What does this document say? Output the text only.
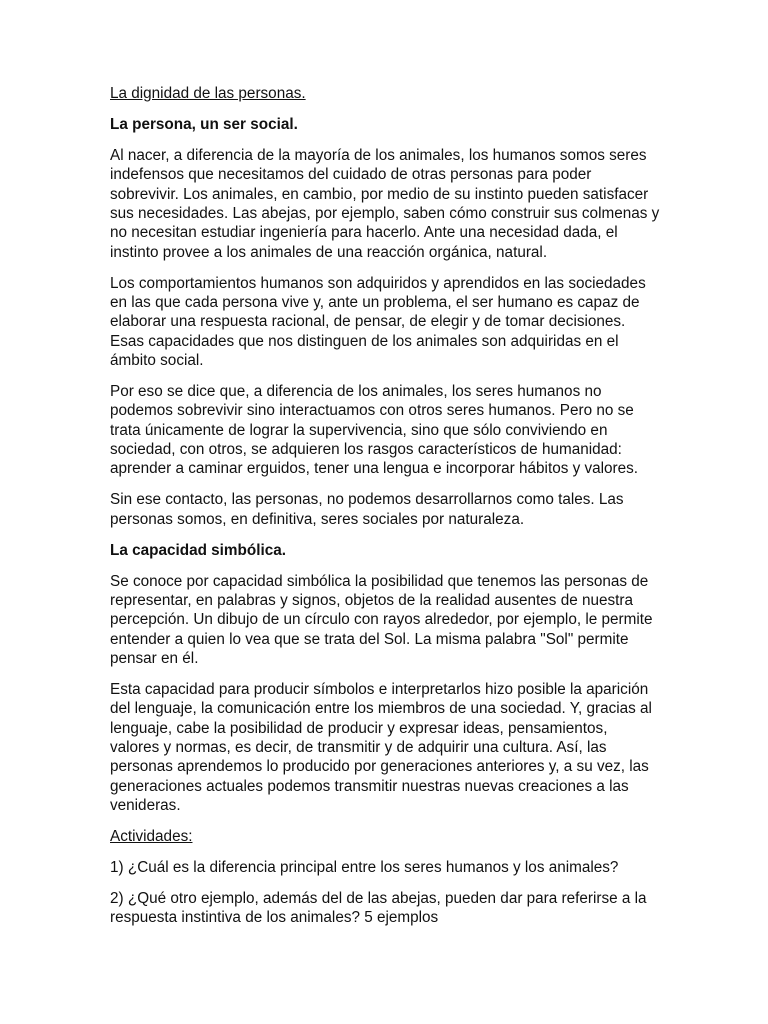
La dignidad de las personas.

La persona, un ser social.

Al nacer, a diferencia de la mayoría de los animales, los humanos somos seres indefensos que necesitamos del cuidado de otras personas para poder sobrevivir. Los animales, en cambio, por medio de su instinto pueden satisfacer sus necesidades. Las abejas, por ejemplo, saben cómo construir sus colmenas y no necesitan estudiar ingeniería para hacerlo. Ante una necesidad dada, el instinto provee a los animales de una reacción orgánica, natural.

Los comportamientos humanos son adquiridos y aprendidos en las sociedades en las que cada persona vive y, ante un problema, el ser humano es capaz de elaborar una respuesta racional, de pensar, de elegir y de tomar decisiones. Esas capacidades que nos distinguen de los animales son adquiridas en el ámbito social.

Por eso se dice que, a diferencia de los animales, los seres humanos no podemos sobrevivir sino interactuamos con otros seres humanos. Pero no se trata únicamente de lograr la supervivencia, sino que sólo conviviendo en sociedad, con otros, se adquieren los rasgos característicos de humanidad: aprender a caminar erguidos, tener una lengua e incorporar hábitos y valores.

Sin ese contacto, las personas, no podemos desarrollarnos como tales. Las personas somos, en definitiva, seres sociales por naturaleza.

La capacidad simbólica.

Se conoce por capacidad simbólica la posibilidad que tenemos las personas de representar, en palabras y signos, objetos de la realidad ausentes de nuestra percepción. Un dibujo de un círculo con rayos alrededor, por ejemplo, le permite entender a quien lo vea que se trata del Sol. La misma palabra "Sol" permite pensar en él.

Esta capacidad para producir símbolos e interpretarlos hizo posible la aparición del lenguaje, la comunicación entre los miembros de una sociedad. Y, gracias al lenguaje, cabe la posibilidad de producir y expresar ideas, pensamientos, valores y normas, es decir, de transmitir y de adquirir una cultura. Así, las personas aprendemos lo producido por generaciones anteriores y, a su vez, las generaciones actuales podemos transmitir nuestras nuevas creaciones a las venideras.

Actividades:

1) ¿Cuál es la diferencia principal entre los seres humanos y los animales?

2) ¿Qué otro ejemplo, además del de las abejas, pueden dar para referirse a la respuesta instintiva de los animales? 5 ejemplos
